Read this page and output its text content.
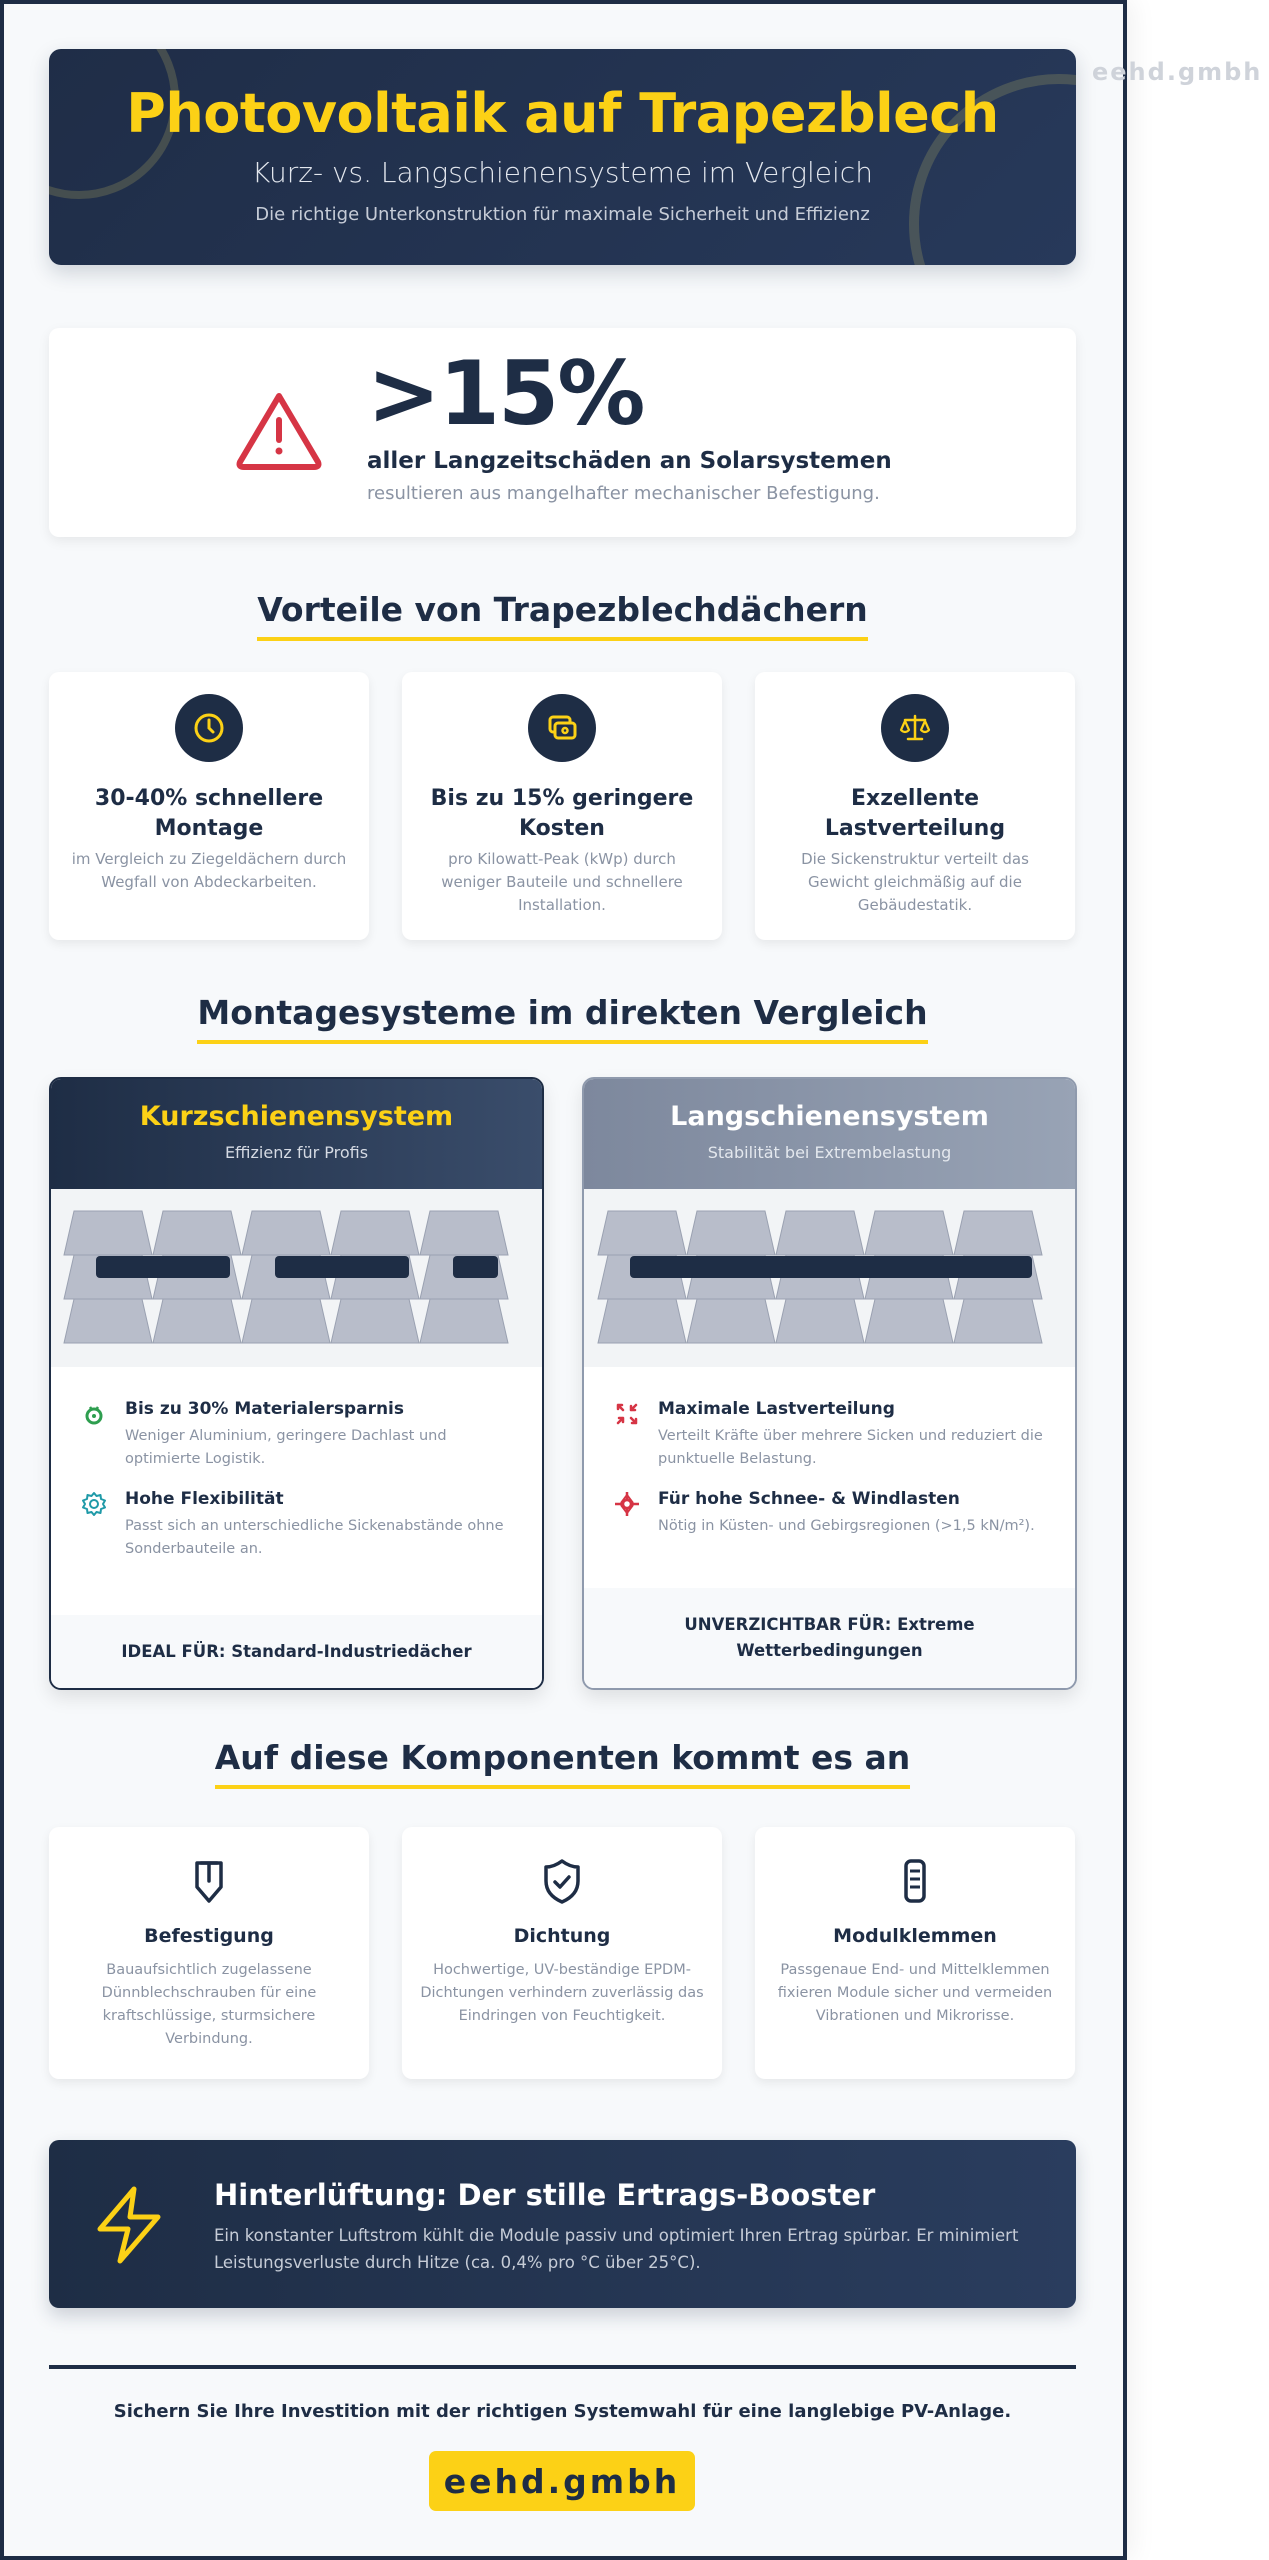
eehd.gmbh
Photovoltaik auf Trapezblech
Kurz- vs. Langschienensysteme im Vergleich
Die richtige Unterkonstruktion für maximale Sicherheit und Effizienz
>15%
aller Langzeitschäden an Solarsystemen
resultieren aus mangelhafter mechanischer Befestigung.
Vorteile von Trapezblechdächern
30-40% schnellere Montage

im Vergleich zu Ziegeldächern durch Wegfall von Abdeckarbeiten.

Bis zu 15% geringere Kosten

pro Kilowatt-Peak (kWp) durch weniger Bauteile und schnellere Installation.

Exzellente Lastverteilung

Die Sickenstruktur verteilt das Gewicht gleichmäßig auf die Gebäudestatik.

Montagesysteme im direkten Vergleich
Kurzschienensystem
Effizienz für Profis
Bis zu 30% Materialersparnis

Weniger Aluminium, geringere Dachlast und optimierte Logistik.

Hohe Flexibilität

Passt sich an unterschiedliche Sickenabstände ohne Sonderbauteile an.

IDEAL FÜR: Standard-Industriedächer
Langschienensystem
Stabilität bei Extrembelastung
Maximale Lastverteilung

Verteilt Kräfte über mehrere Sicken und reduziert die punktuelle Belastung.

Für hohe Schnee- & Windlasten

Nötig in Küsten- und Gebirgsregionen (>1,5 kN/m²).

UNVERZICHTBAR FÜR: Extreme Wetterbedingungen
Auf diese Komponenten kommt es an
Befestigung

Bauaufsichtlich zugelassene Dünnblechschrauben für eine kraftschlüssige, sturmsichere Verbindung.

Dichtung

Hochwertige, UV-beständige EPDM-Dichtungen verhindern zuverlässig das Eindringen von Feuchtigkeit.

Modulklemmen

Passgenaue End- und Mittelklemmen fixieren Module sicher und vermeiden Vibrationen und Mikrorisse.

Hinterlüftung: Der stille Ertrags-Booster

Ein konstanter Luftstrom kühlt die Module passiv und optimiert Ihren Ertrag spürbar. Er minimiert Leistungsverluste durch Hitze (ca. 0,4% pro °C über 25°C).

Sichern Sie Ihre Investition mit der richtigen Systemwahl für eine langlebige PV-Anlage.
eehd.gmbh
